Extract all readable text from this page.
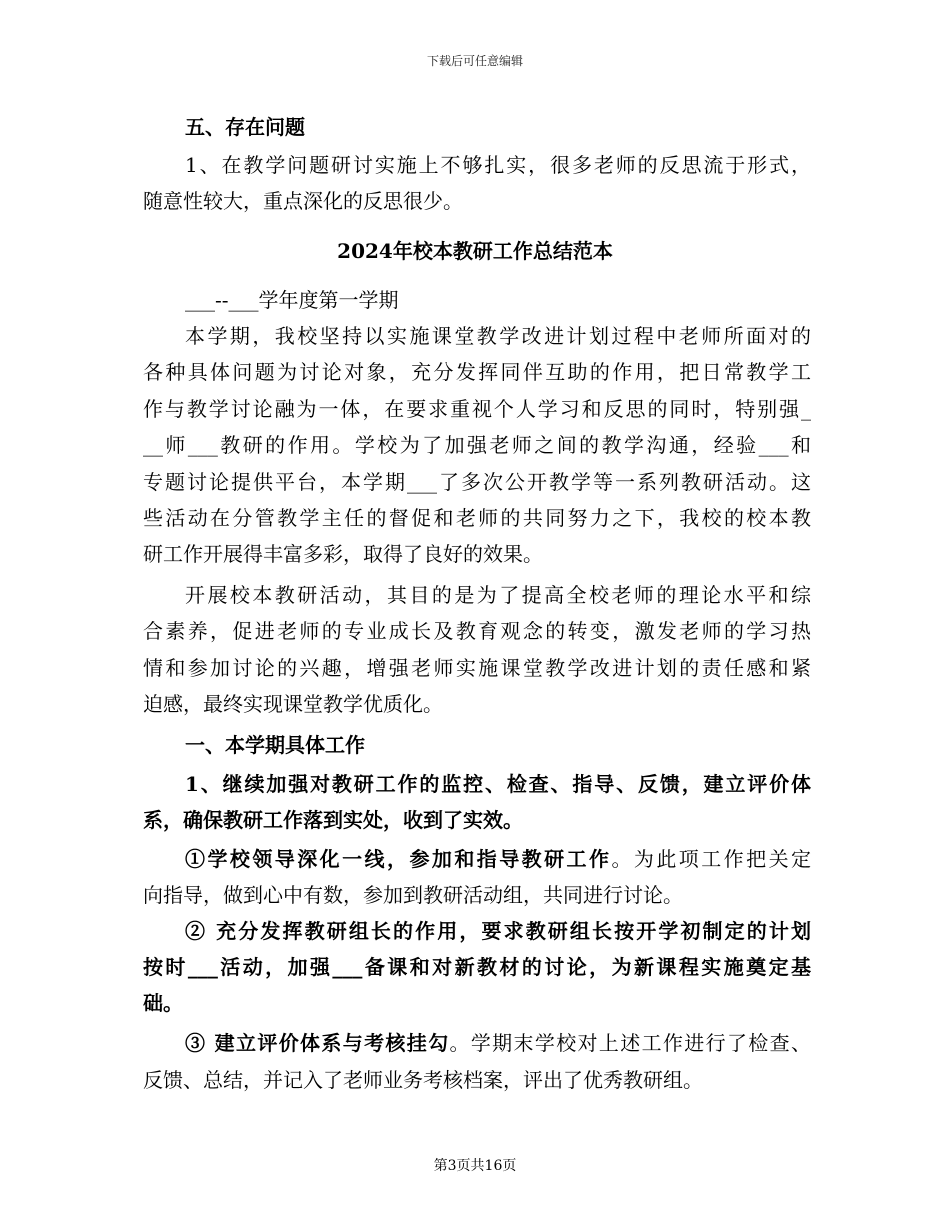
下载后可任意编辑
五、存在问题
1、在教学问题研讨实施上不够扎实，很多老师的反思流于形式，
随意性较大，重点深化的反思很少。
2024年校本教研工作总结范本
___--___学年度第一学期
本学期，我校坚持以实施课堂教学改进计划过程中老师所面对的
各种具体问题为讨论对象，充分发挥同伴互助的作用，把日常教学工
作与教学讨论融为一体，在要求重视个人学习和反思的同时，特别强_
__师___教研的作用。学校为了加强老师之间的教学沟通，经验___和
专题讨论提供平台，本学期___了多次公开教学等一系列教研活动。这
些活动在分管教学主任的督促和老师的共同努力之下，我校的校本教
研工作开展得丰富多彩，取得了良好的效果。
开展校本教研活动，其目的是为了提高全校老师的理论水平和综
合素养，促进老师的专业成长及教育观念的转变，激发老师的学习热
情和参加讨论的兴趣，增强老师实施课堂教学改进计划的责任感和紧
迫感，最终实现课堂教学优质化。
一、本学期具体工作
1、继续加强对教研工作的监控、检查、指导、反馈，建立评价体
系，确保教研工作落到实处，收到了实效。
①学校领导深化一线，参加和指导教研工作。为此项工作把关定
向指导，做到心中有数，参加到教研活动组，共同进行讨论。
② 充分发挥教研组长的作用，要求教研组长按开学初制定的计划
按时___活动，加强___备课和对新教材的讨论，为新课程实施奠定基
础。
③ 建立评价体系与考核挂勾。学期末学校对上述工作进行了检查、
反馈、总结，并记入了老师业务考核档案，评出了优秀教研组。
第3页共16页
